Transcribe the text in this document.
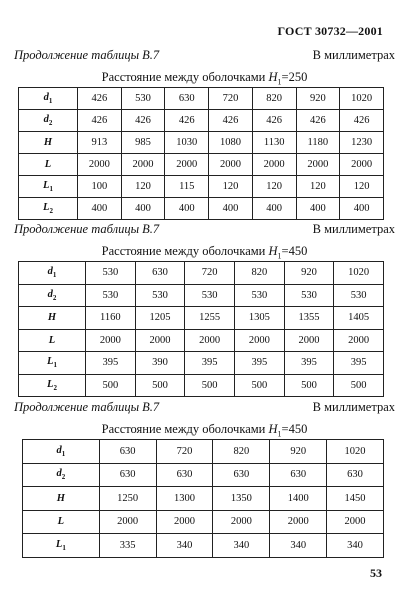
ГОСТ 30732—2001
Продолжение таблицы В.7	В миллиметрах
Расстояние между оболочками $H_1=250$
$d_1$	426	530	630	720	820	920	1020
$d_2$	426	426	426	426	426	426	426
H	913	985	1030	1080	1130	1180	1230
L	2000	2000	2000	2000	2000	2000	2000
$L_1$	100	120	115	120	120	120	120
$L_2$	400	400	400	400	400	400	400
Продолжение таблицы В.7	В миллиметрах
Расстояние между оболочками $H_1=450$
$d_1$	530	630	720	820	920	1020
$d_2$	530	530	530	530	530	530
H	1160	1205	1255	1305	1355	1405
L	2000	2000	2000	2000	2000	2000
$L_1$	395	390	395	395	395	395
$L_2$	500	500	500	500	500	500
Продолжение таблицы В.7	В миллиметрах
Расстояние между оболочками $H_1=450$
$d_1$	630	720	820	920	1020
$d_2$	630	630	630	630	630
H	1250	1300	1350	1400	1450
L	2000	2000	2000	2000	2000
$L_1$	335	340	340	340	340
53
